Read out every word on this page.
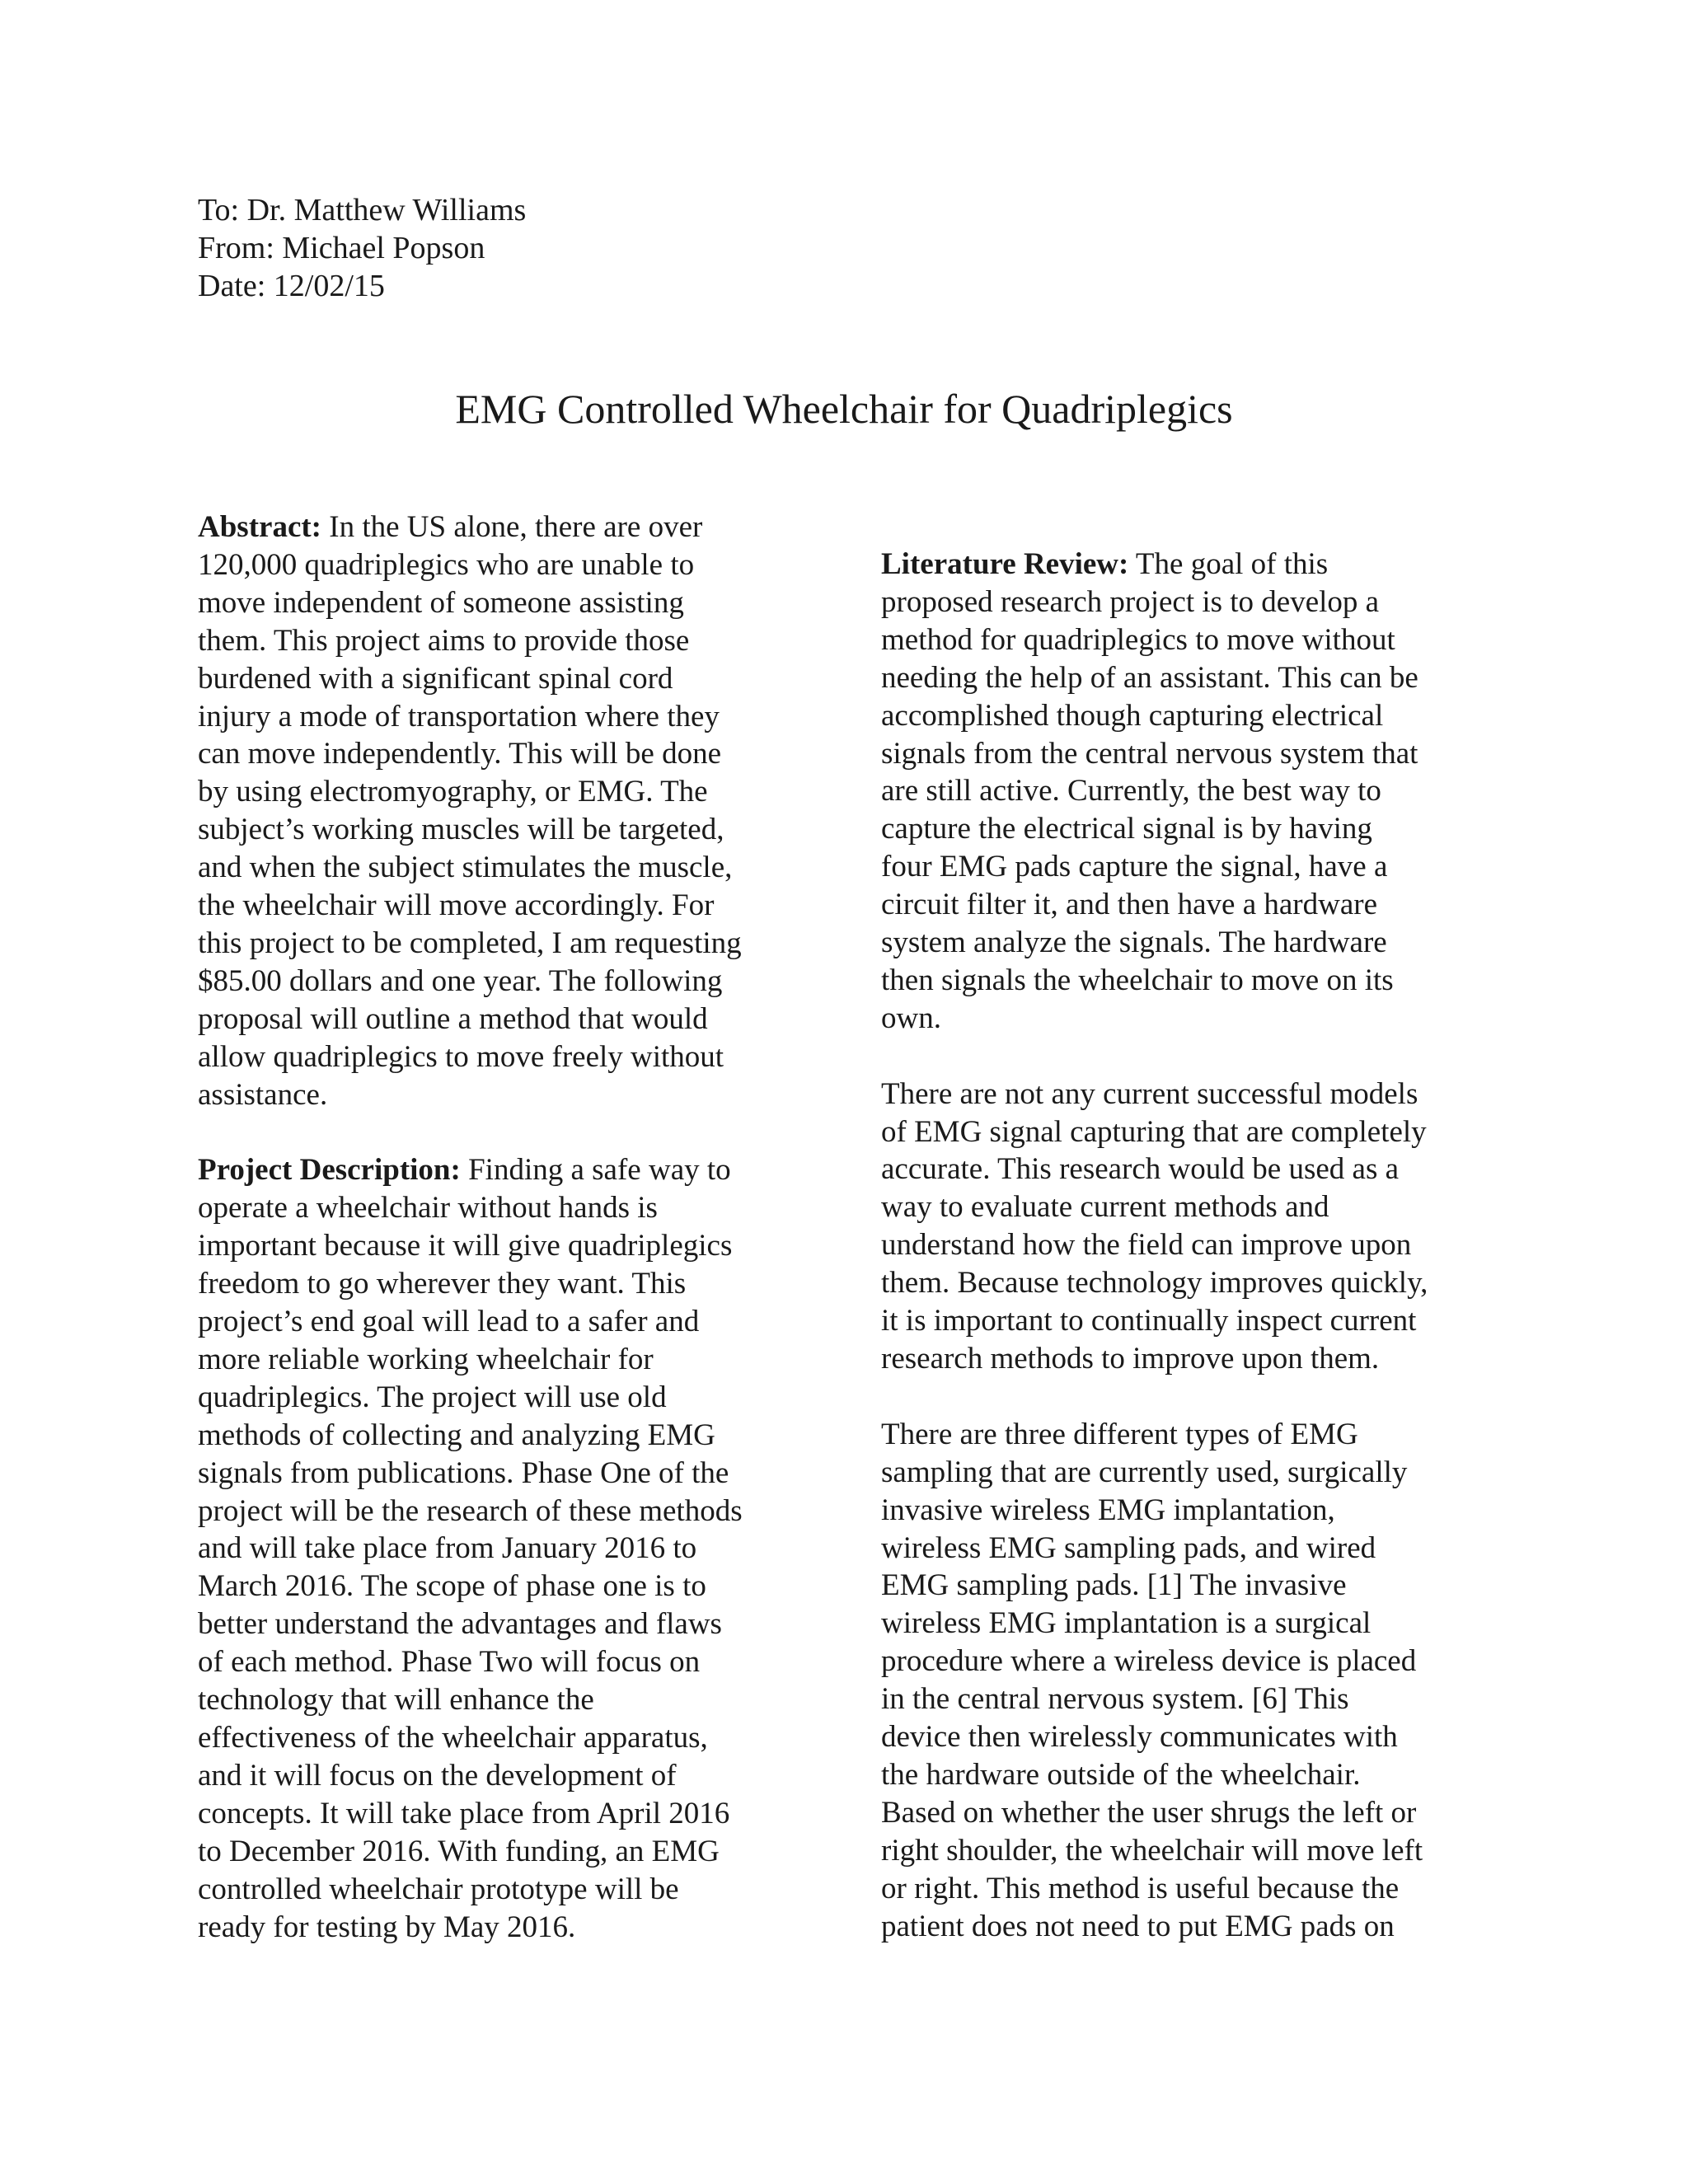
To: Dr. Matthew Williams
From: Michael Popson
Date: 12/02/15
EMG Controlled Wheelchair for Quadriplegics
Abstract: In the US alone, there are over
120,000 quadriplegics who are unable to
move independent of someone assisting
them. This project aims to provide those
burdened with a significant spinal cord
injury a mode of transportation where they
can move independently. This will be done
by using electromyography, or EMG. The
subject’s working muscles will be targeted,
and when the subject stimulates the muscle,
the wheelchair will move accordingly. For
this project to be completed, I am requesting
$85.00 dollars and one year. The following
proposal will outline a method that would
allow quadriplegics to move freely without
assistance.
Project Description: Finding a safe way to
operate a wheelchair without hands is
important because it will give quadriplegics
freedom to go wherever they want. This
project’s end goal will lead to a safer and
more reliable working wheelchair for
quadriplegics. The project will use old
methods of collecting and analyzing EMG
signals from publications. Phase One of the
project will be the research of these methods
and will take place from January 2016 to
March 2016. The scope of phase one is to
better understand the advantages and flaws
of each method. Phase Two will focus on
technology that will enhance the
effectiveness of the wheelchair apparatus,
and it will focus on the development of
concepts. It will take place from April 2016
to December 2016. With funding, an EMG
controlled wheelchair prototype will be
ready for testing by May 2016.
Literature Review: The goal of this
proposed research project is to develop a
method for quadriplegics to move without
needing the help of an assistant. This can be
accomplished though capturing electrical
signals from the central nervous system that
are still active. Currently, the best way to
capture the electrical signal is by having
four EMG pads capture the signal, have a
circuit filter it, and then have a hardware
system analyze the signals. The hardware
then signals the wheelchair to move on its
own.
There are not any current successful models
of EMG signal capturing that are completely
accurate. This research would be used as a
way to evaluate current methods and
understand how the field can improve upon
them. Because technology improves quickly,
it is important to continually inspect current
research methods to improve upon them.
There are three different types of EMG
sampling that are currently used, surgically
invasive wireless EMG implantation,
wireless EMG sampling pads, and wired
EMG sampling pads. [1] The invasive
wireless EMG implantation is a surgical
procedure where a wireless device is placed
in the central nervous system. [6] This
device then wirelessly communicates with
the hardware outside of the wheelchair.
Based on whether the user shrugs the left or
right shoulder, the wheelchair will move left
or right. This method is useful because the
patient does not need to put EMG pads on
